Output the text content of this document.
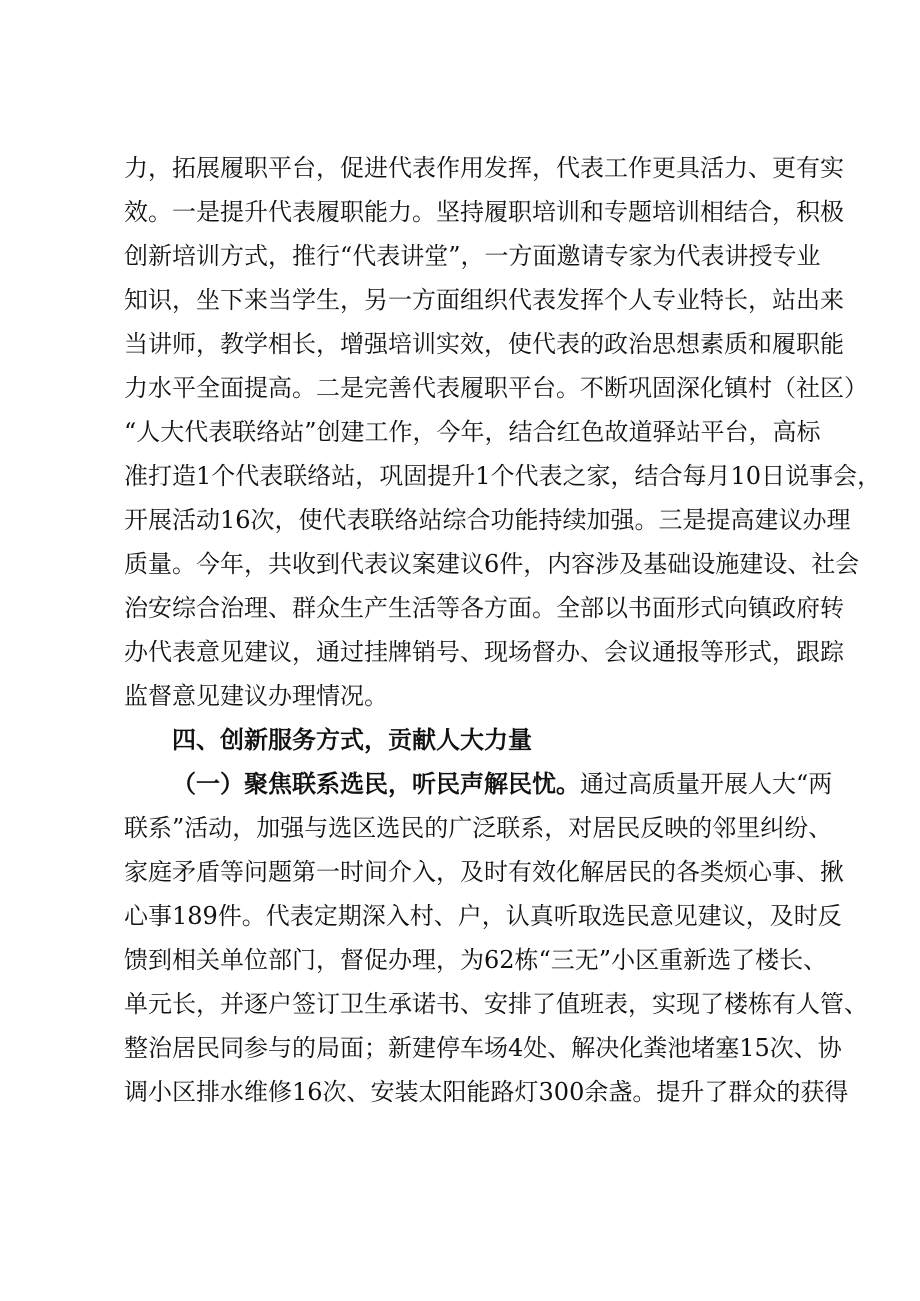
力，拓展履职平台，促进代表作用发挥，代表工作更具活力、更有实
效。一是提升代表履职能力。坚持履职培训和专题培训相结合，积极
创新培训方式，推行“代表讲堂”，一方面邀请专家为代表讲授专业
知识，坐下来当学生，另一方面组织代表发挥个人专业特长，站出来
当讲师，教学相长，增强培训实效，使代表的政治思想素质和履职能
力水平全面提高。二是完善代表履职平台。不断巩固深化镇村（社区）
“人大代表联络站”创建工作，今年，结合红色故道驿站平台，高标
准打造1个代表联络站，巩固提升1个代表之家，结合每月10日说事会，
开展活动16次，使代表联络站综合功能持续加强。三是提高建议办理
质量。今年，共收到代表议案建议6件，内容涉及基础设施建设、社会
治安综合治理、群众生产生活等各方面。全部以书面形式向镇政府转
办代表意见建议，通过挂牌销号、现场督办、会议通报等形式，跟踪
监督意见建议办理情况。
四、创新服务方式，贡献人大力量
（一）聚焦联系选民，听民声解民忧。通过高质量开展人大“两
联系”活动，加强与选区选民的广泛联系，对居民反映的邻里纠纷、
家庭矛盾等问题第一时间介入，及时有效化解居民的各类烦心事、揪
心事189件。代表定期深入村、户，认真听取选民意见建议，及时反
馈到相关单位部门，督促办理，为62栋“三无”小区重新选了楼长、
单元长，并逐户签订卫生承诺书、安排了值班表，实现了楼栋有人管、
整治居民同参与的局面；新建停车场4处、解决化粪池堵塞15次、协
调小区排水维修16次、安装太阳能路灯300余盏。提升了群众的获得
